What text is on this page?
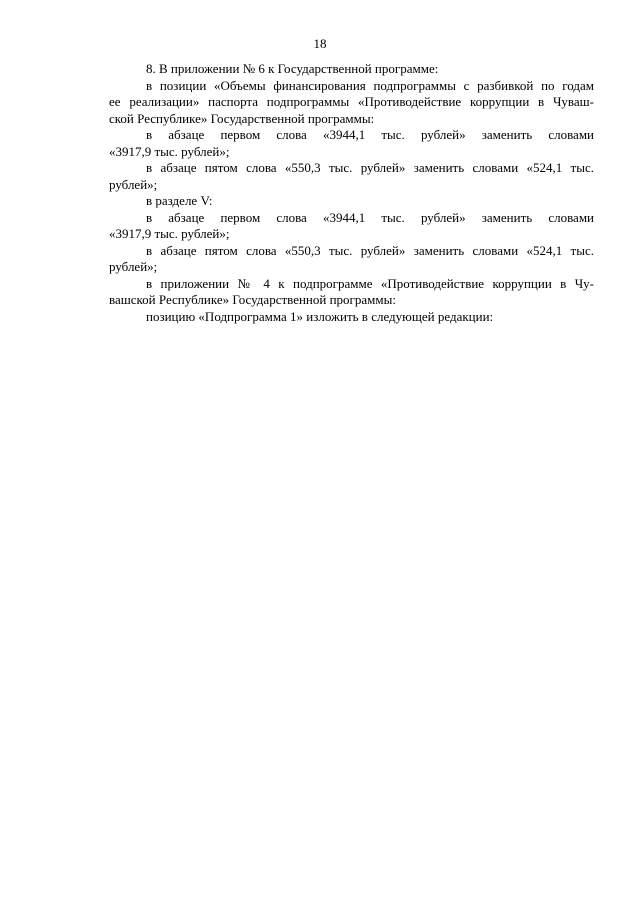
18
8. В приложении № 6 к Государственной программе:
в позиции «Объемы финансирования подпрограммы с разбивкой по годам
ее реализации» паспорта подпрограммы «Противодействие коррупции в Чуваш-
ской Республике» Государственной программы:
в абзаце первом слова «3944,1 тыс. рублей» заменить словами
«3917,9 тыс. рублей»;
в абзаце пятом слова «550,3 тыс. рублей» заменить словами «524,1 тыс.
рублей»;
в разделе V:
в абзаце первом слова «3944,1 тыс. рублей» заменить словами
«3917,9 тыс. рублей»;
в абзаце пятом слова «550,3 тыс. рублей» заменить словами «524,1 тыс.
рублей»;
в приложении № 4 к подпрограмме «Противодействие коррупции в Чу-
вашской Республике» Государственной программы:
позицию «Подпрограмма 1» изложить в следующей редакции:
